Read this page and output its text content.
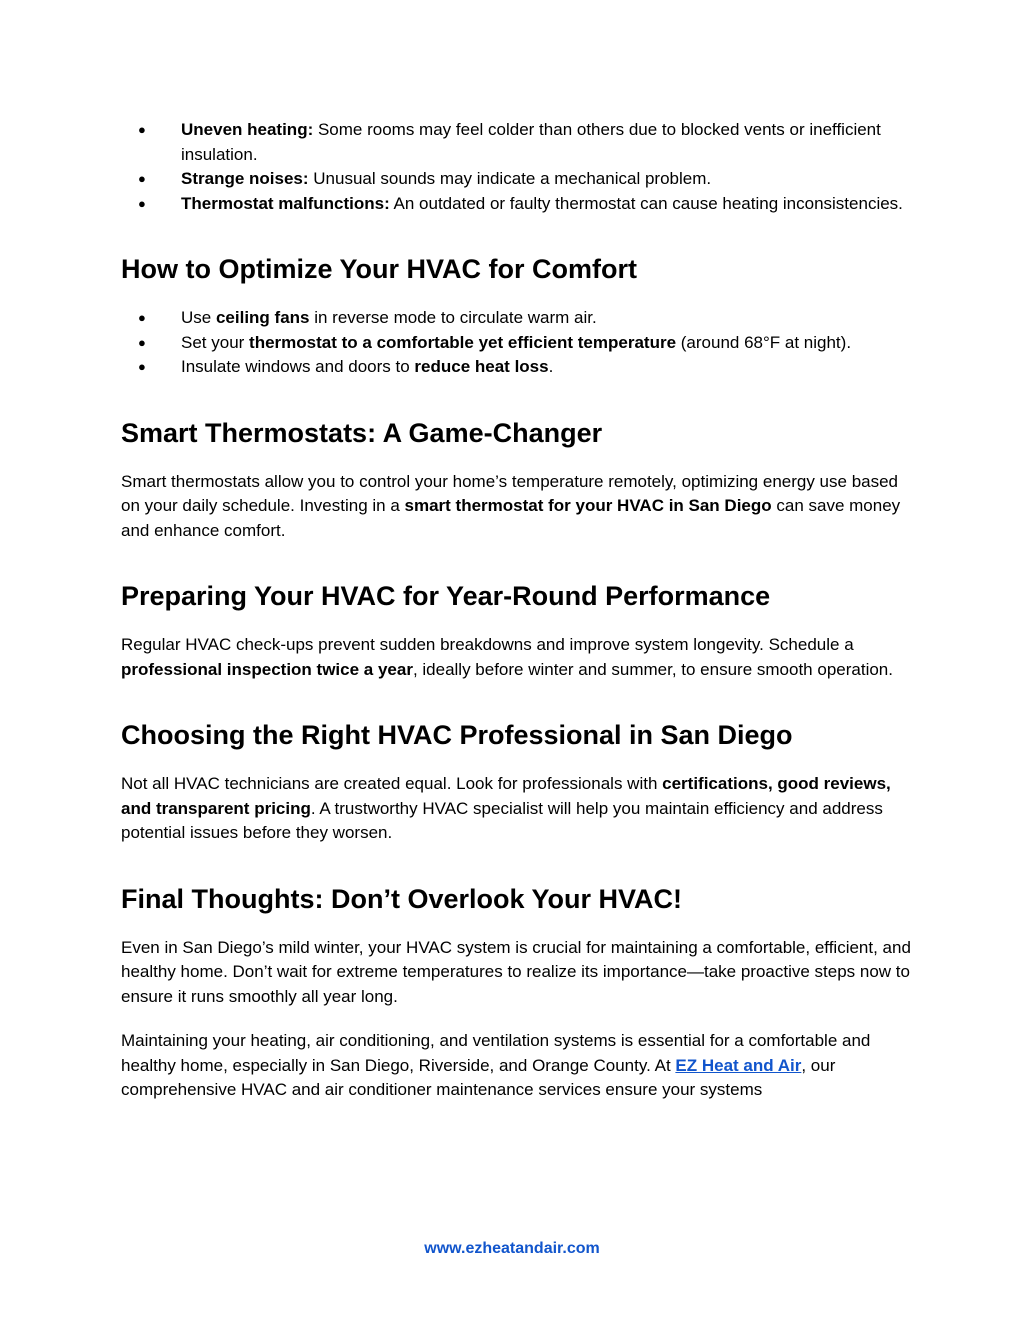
● Uneven heating: Some rooms may feel colder than others due to blocked vents or inefficient insulation.
● Strange noises: Unusual sounds may indicate a mechanical problem.
● Thermostat malfunctions: An outdated or faulty thermostat can cause heating inconsistencies.
How to Optimize Your HVAC for Comfort
● Use ceiling fans in reverse mode to circulate warm air.
● Set your thermostat to a comfortable yet efficient temperature (around 68°F at night).
● Insulate windows and doors to reduce heat loss.
Smart Thermostats: A Game-Changer

Smart thermostats allow you to control your home’s temperature remotely, optimizing energy use based on your daily schedule. Investing in a smart thermostat for your HVAC in San Diego can save money and enhance comfort.

Preparing Your HVAC for Year-Round Performance

Regular HVAC check-ups prevent sudden breakdowns and improve system longevity. Schedule a professional inspection twice a year, ideally before winter and summer, to ensure smooth operation.

Choosing the Right HVAC Professional in San Diego

Not all HVAC technicians are created equal. Look for professionals with certifications, good reviews, and transparent pricing. A trustworthy HVAC specialist will help you maintain efficiency and address potential issues before they worsen.

Final Thoughts: Don’t Overlook Your HVAC!

Even in San Diego’s mild winter, your HVAC system is crucial for maintaining a comfortable, efficient, and healthy home. Don’t wait for extreme temperatures to realize its importance—take proactive steps now to ensure it runs smoothly all year long.

Maintaining your heating, air conditioning, and ventilation systems is essential for a comfortable and healthy home, especially in San Diego, Riverside, and Orange County. At EZ Heat and Air, our comprehensive HVAC and air conditioner maintenance services ensure your systems

www.ezheatandair.com
